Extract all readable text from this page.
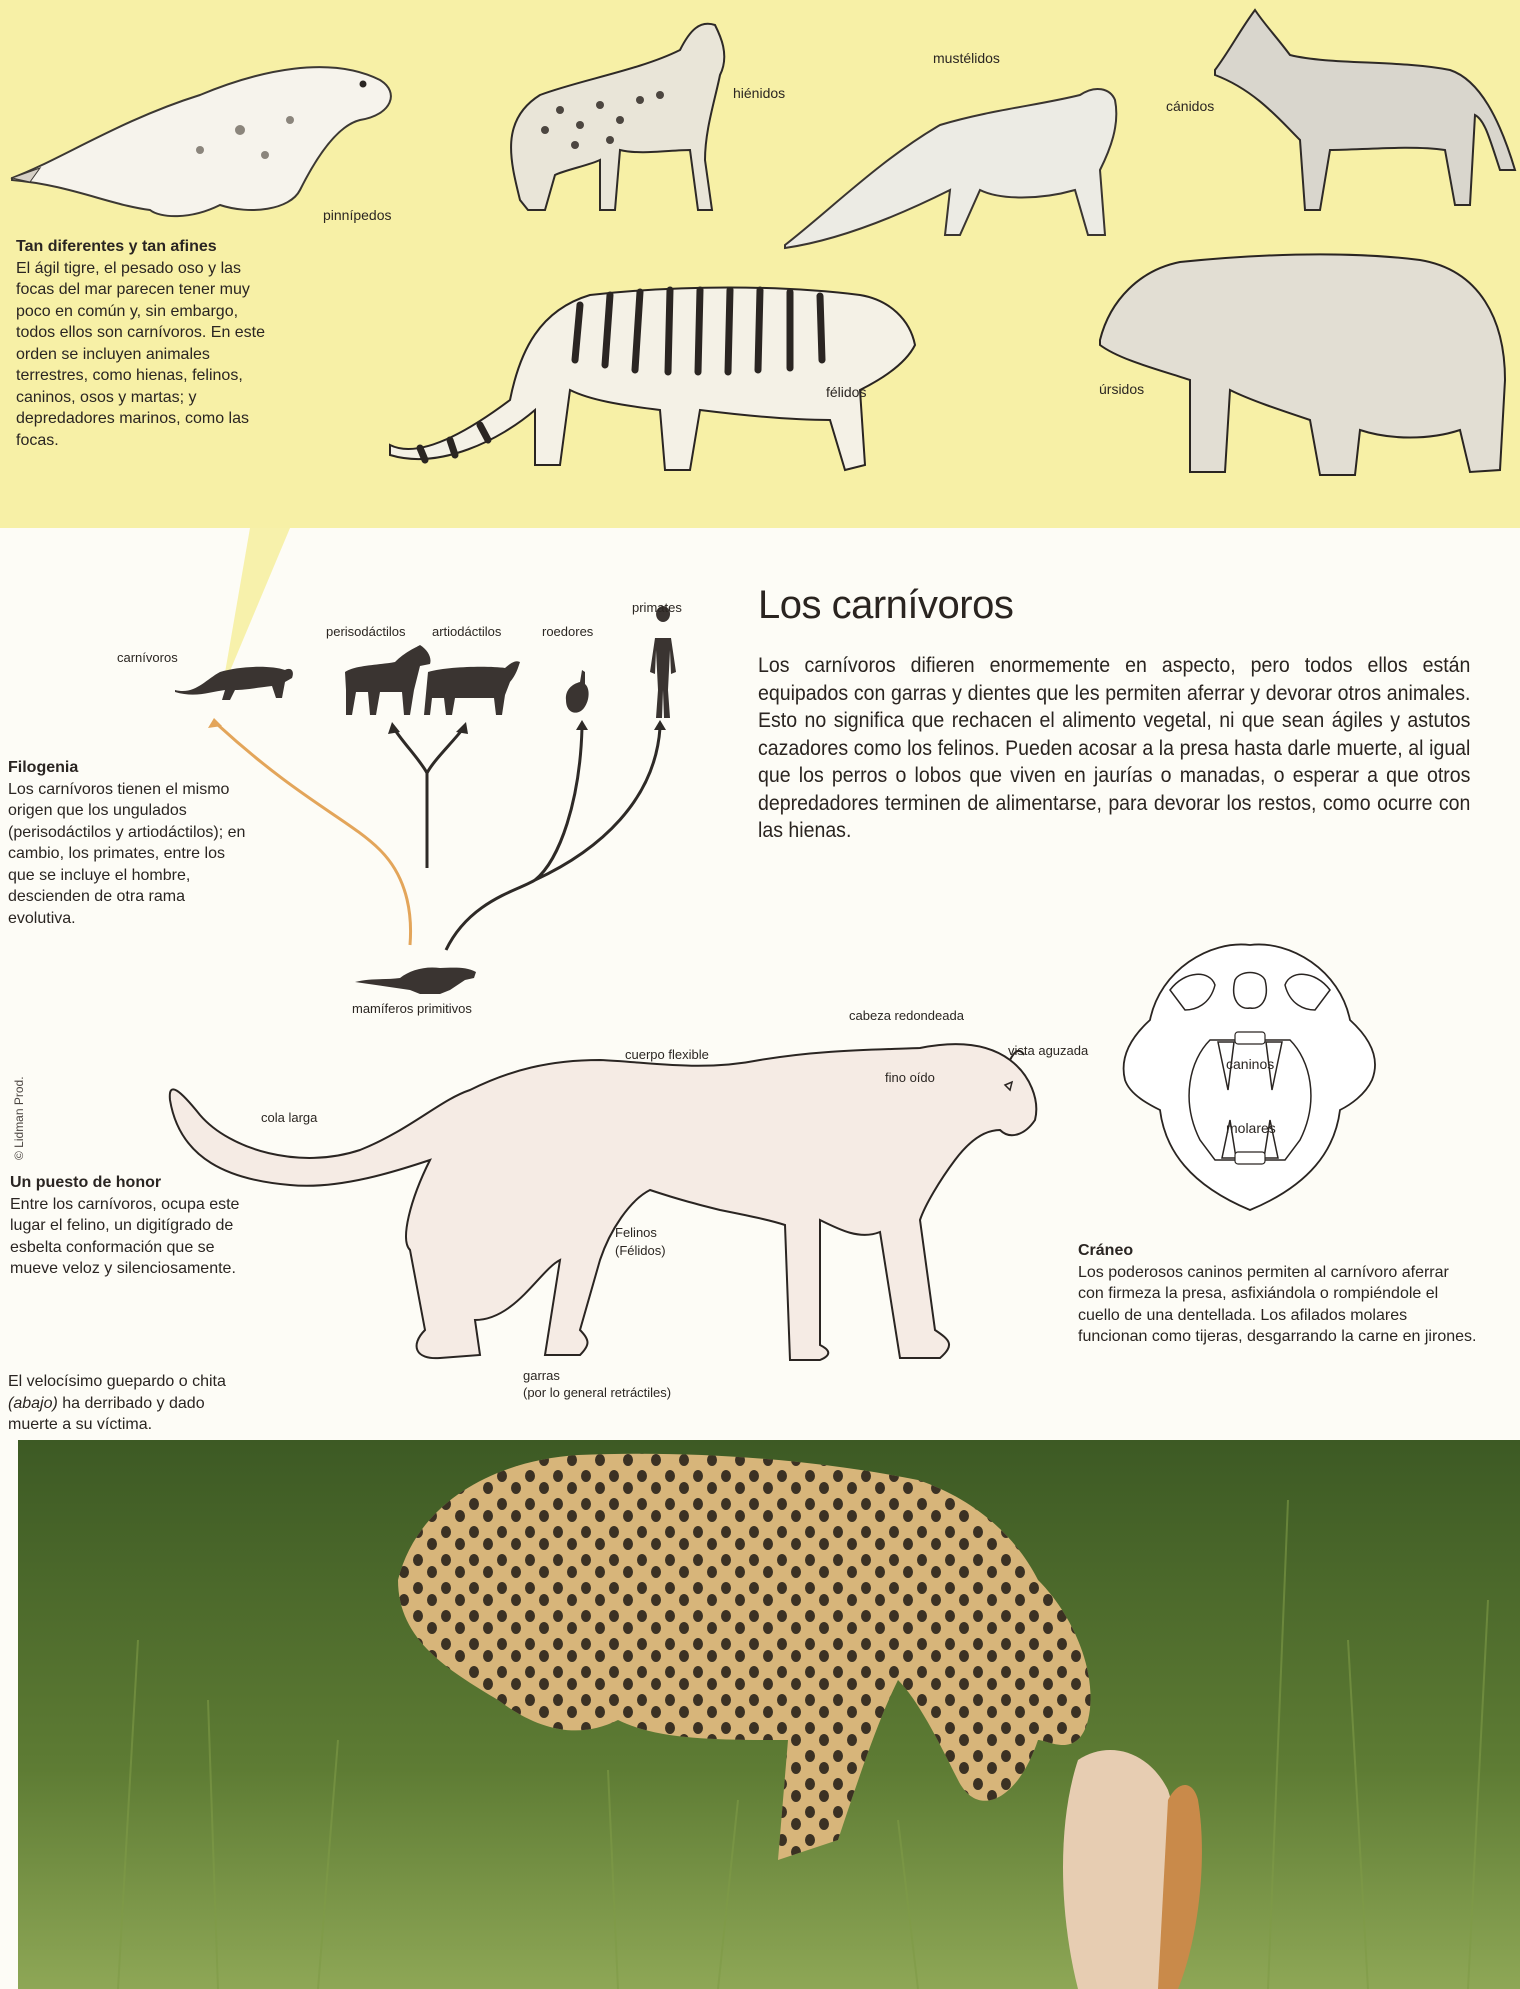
pinnípedos
hiénidos
mustélidos
cánidos
félidos	úrsidos
Tan diferentes y tan afines
El ágil tigre, el pesado oso y las focas del mar parecen tener muy poco en común y, sin embargo, todos ellos son carnívoros. En este orden se incluyen animales terrestres, como hienas, felinos, caninos, osos y martas; y depredadores marinos, como las focas.
carnívoros
perisodáctilos artiodáctilos	roedores
primates
mamíferos primitivos
Filogenia
Los carnívoros tienen el mismo origen que los ungulados (perisodáctilos y artiodáctilos); en cambio, los primates, entre los que se incluye el hombre, descienden de otra rama evolutiva.
Los carnívoros
Los carnívoros difieren enormemente en aspecto, pero todos ellos están equipados con garras y dientes que les permiten aferrar y devorar otros animales. Esto no significa que rechacen el alimento vegetal, ni que sean ágiles y astutos cazadores como los felinos. Pueden acosar a la presa hasta darle muerte, al igual que los perros o lobos que viven en jaurías o manadas, o esperar a que otros depredadores terminen de alimentarse, para devorar los restos, como ocurre con las hienas.
cabeza redondeada
cuerpo flexible	vista aguzada
fino oído
cola larga
Felinos
(Félidos)
garras
(por lo general retráctiles)
© Lidman Prod.
Un puesto de honor
Entre los carnívoros, ocupa este lugar el felino, un digitígrado de esbelta conformación que se mueve veloz y silenciosamente.
El velocísimo guepardo o chita (abajo) ha derribado y dado muerte a su víctima.
caninos
molares
Cráneo
Los poderosos caninos permiten al carnívoro aferrar con firmeza la presa, asfixiándola o rompiéndole el cuello de una dentellada. Los afilados molares funcionan como tijeras, desgarrando la carne en jirones.
